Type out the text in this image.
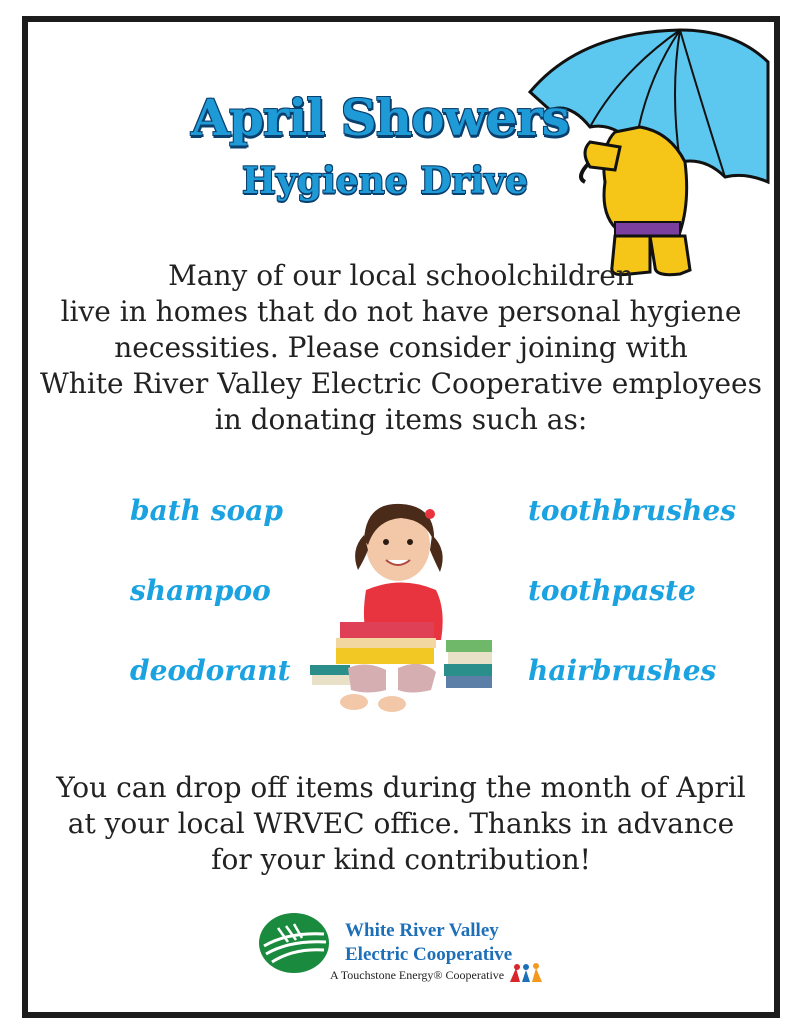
April Showers
Hygiene Drive
Many of our local schoolchildren
live in homes that do not have personal hygiene
necessities. Please consider joining with
White River Valley Electric Cooperative employees
in donating items such as:
bath soap
shampoo
deodorant
toothbrushes
toothpaste
hairbrushes
You can drop off items during the month of April
at your local WRVEC office. Thanks in advance
for your kind contribution!
White River Valley
Electric Cooperative
A Touchstone Energy® Cooperative
